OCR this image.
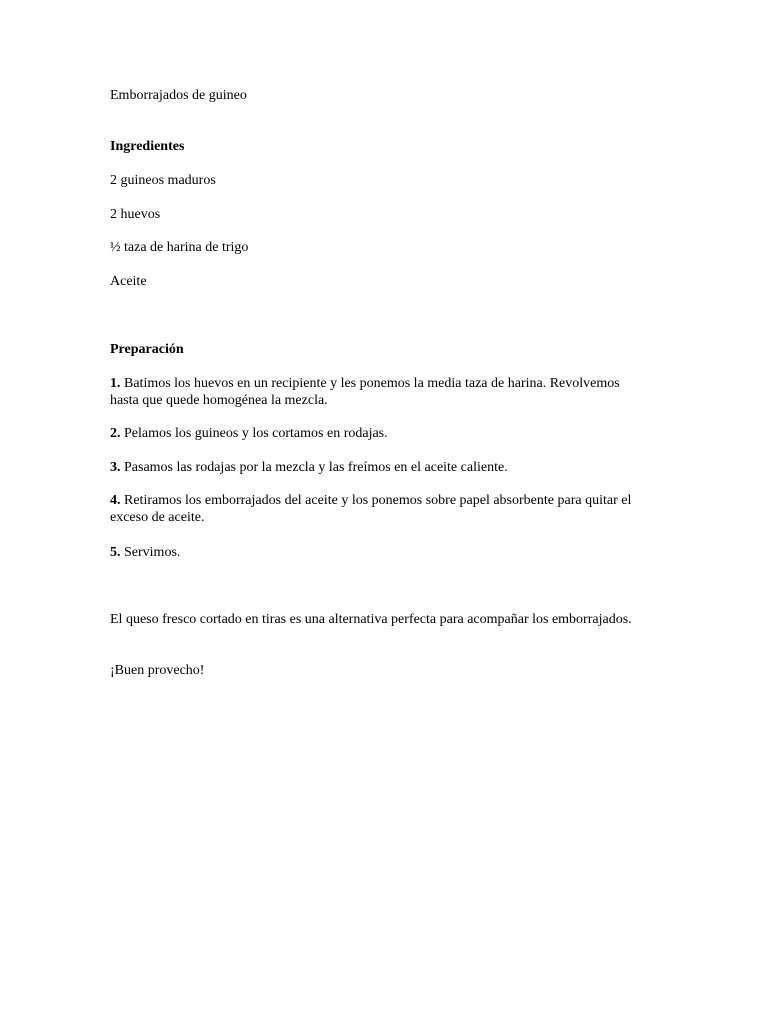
Emborrajados de guineo
Ingredientes
2 guineos maduros
2 huevos
½ taza de harina de trigo
Aceite
Preparación
1. Batimos los huevos en un recipiente y les ponemos la media taza de harina. Revolvemos hasta que quede homogénea la mezcla.
2. Pelamos los guineos y los cortamos en rodajas.
3. Pasamos las rodajas por la mezcla y las freímos en el aceite caliente.
4. Retiramos los emborrajados del aceite y los ponemos sobre papel absorbente para quitar el exceso de aceite.
5. Servimos.
El queso fresco cortado en tiras es una alternativa perfecta para acompañar los emborrajados.
¡Buen provecho!
